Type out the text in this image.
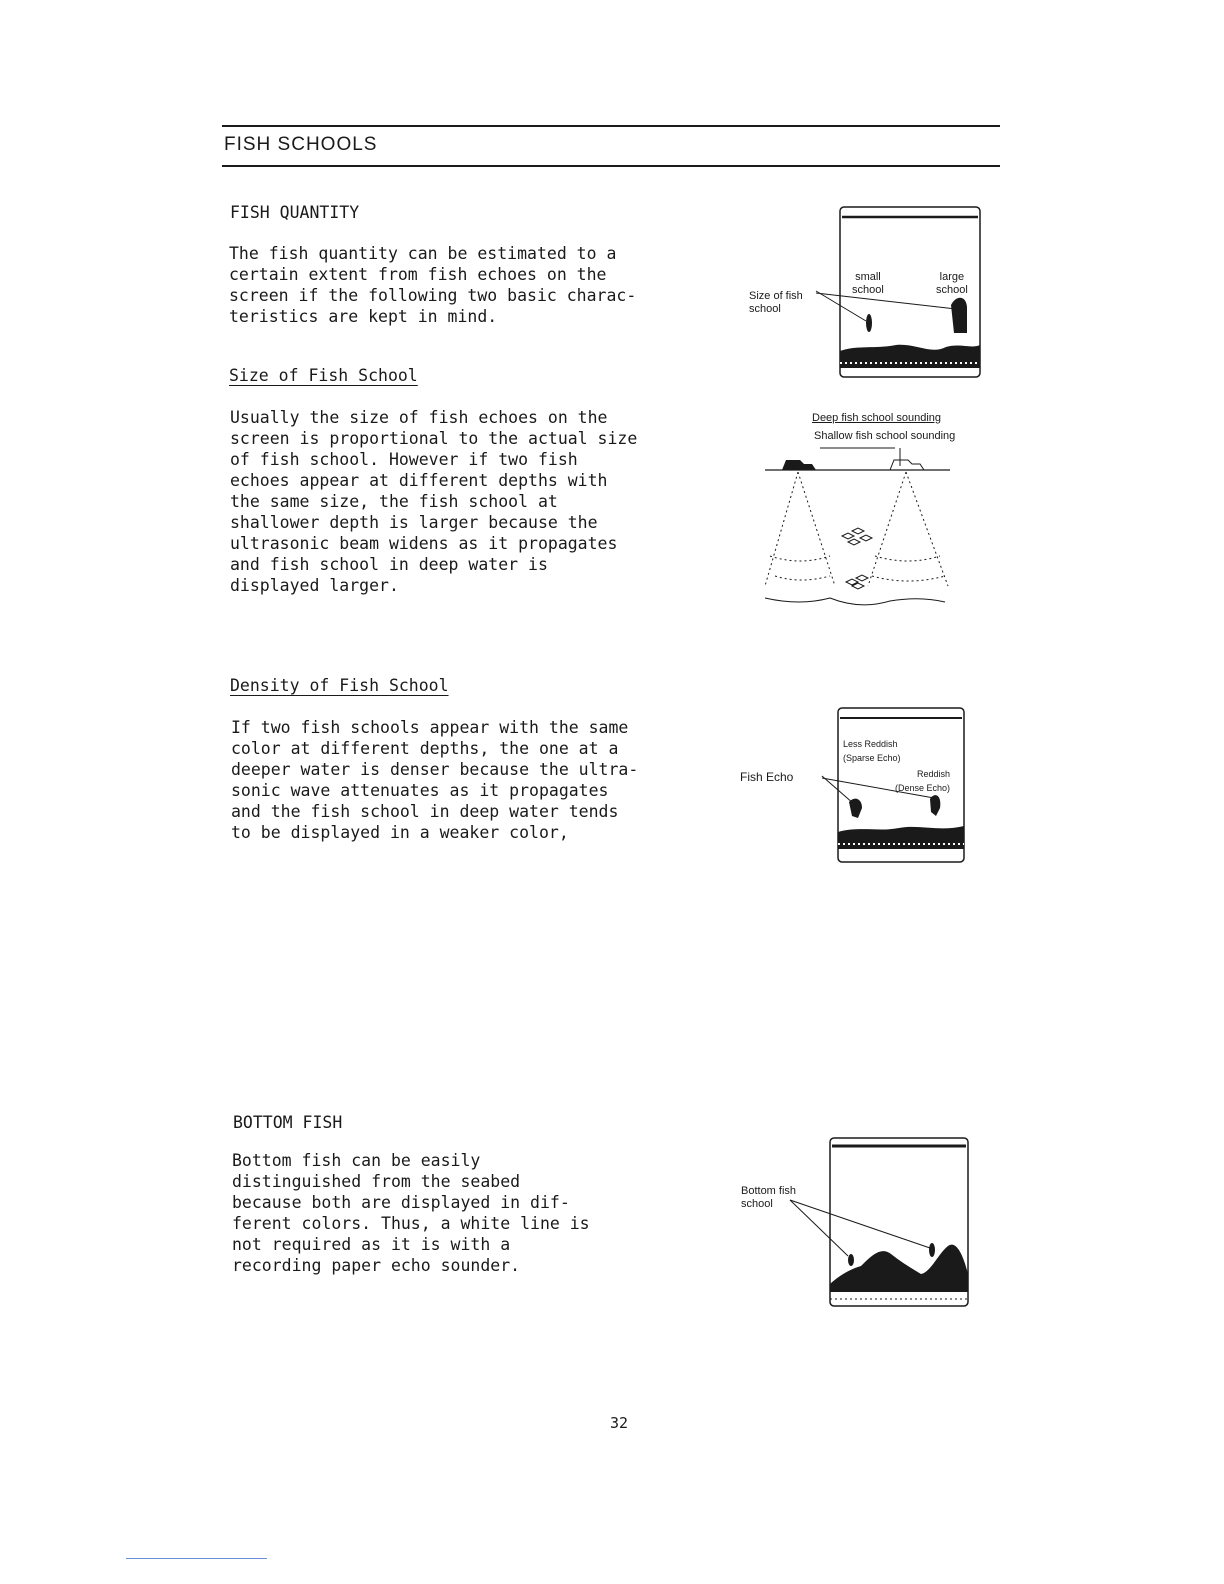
FISH SCHOOLS
FISH QUANTITY
The fish quantity can be estimated to a
certain extent from fish echoes on the
screen if the following two basic charac-
teristics are kept in mind.
Size of Fish School
Usually the size of fish echoes on the
screen is proportional to the actual size
of fish school. However if two fish
echoes appear at different depths with
the same size, the fish school at
shallower depth is larger because the
ultrasonic beam widens as it propagates
and fish school in deep water is
displayed larger.
Density of Fish School
If two fish schools appear with the same
color at different depths, the one at a
deeper water is denser because the ultra-
sonic wave attenuates as it propagates
and the fish school in deep water tends
to be displayed in a weaker color,
BOTTOM FISH
Bottom fish can be easily
distinguished from the seabed
because both are displayed in dif-
ferent colors. Thus, a white line is
not required as it is with a
recording paper echo sounder.
Size of fish
school
small
school
large
school
Deep fish school sounding
Shallow fish school sounding
Fish Echo
Less Reddish
(Sparse Echo)
Reddish
(Dense Echo)
Bottom fish
school
32
